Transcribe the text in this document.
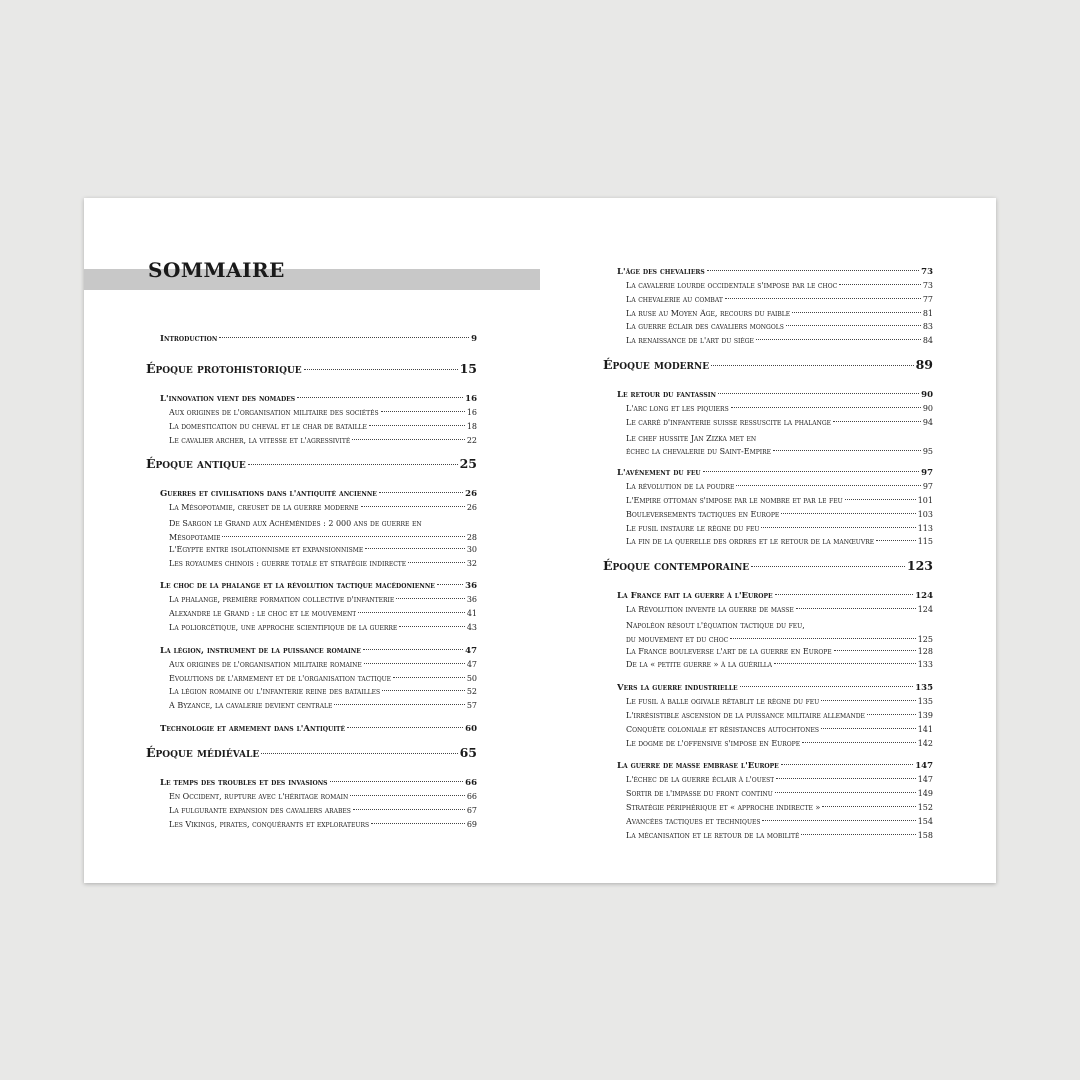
SOMMAIRE
Introduction	9
Époque protohistorique	15
L'innovation vient des nomades	16
Aux origines de l'organisation militaire des sociétés	16
La domestication du cheval et le char de bataille	18
Le cavalier archer, la vitesse et l'agressivité	22
Époque antique	25
Guerres et civilisations dans l'antiquité ancienne	26
La Mésopotamie, creuset de la guerre moderne	26
De Sargon le Grand aux Achéménides : 2 000 ans de guerre en
Mésopotamie	28
L'Égypte entre isolationnisme et expansionnisme	30
Les royaumes chinois : guerre totale et stratégie indirecte	32
Le choc de la phalange et la révolution tactique macédonienne	36
La phalange, première formation collective d'infanterie	36
Alexandre le Grand : le choc et le mouvement	41
La poliorcétique, une approche scientifique de la guerre	43
La légion, instrument de la puissance romaine	47
Aux origines de l'organisation militaire romaine	47
Évolutions de l'armement et de l'organisation tactique	50
La légion romaine ou l'infanterie reine des batailles	52
À Byzance, la cavalerie devient centrale	57
Technologie et armement dans l'Antiquité	60
Époque médiévale	65
Le temps des troubles et des invasions	66
En Occident, rupture avec l'héritage romain	66
La fulgurante expansion des cavaliers arabes	67
Les Vikings, pirates, conquérants et explorateurs	69
L'âge des chevaliers	73
La cavalerie lourde occidentale s'impose par le choc	73
La chevalerie au combat	77
La ruse au Moyen Âge, recours du faible	81
La guerre éclair des cavaliers mongols	83
La renaissance de l'art du siège	84
Époque moderne	89
Le retour du fantassin	90
L'arc long et les piquiers	90
Le carré d'infanterie suisse ressuscite la phalange	94
Le chef hussite Jan Zizka met en
échec la chevalerie du Saint-Empire	95
L'avènement du feu	97
La révolution de la poudre	97
L'Empire ottoman s'impose par le nombre et par le feu	101
Bouleversements tactiques en Europe	103
Le fusil instaure le règne du feu	113
La fin de la querelle des ordres et le retour de la manœuvre	115
Époque contemporaine	123
La France fait la guerre à l'Europe	124
La Révolution invente la guerre de masse	124
Napoléon résout l'équation tactique du feu,
du mouvement et du choc	125
La France bouleverse l'art de la guerre en Europe	128
De la « petite guerre » à la guérilla	133
Vers la guerre industrielle	135
Le fusil à balle ogivale rétablit le règne du feu	135
L'irrésistible ascension de la puissance militaire allemande	139
Conquête coloniale et résistances autochtones	141
Le dogme de l'offensive s'impose en Europe	142
La guerre de masse embrase l'Europe	147
L'échec de la guerre éclair à l'ouest	147
Sortir de l'impasse du front continu	149
Stratégie périphérique et « approche indirecte »	152
Avancées tactiques et techniques	154
La mécanisation et le retour de la mobilité	158
